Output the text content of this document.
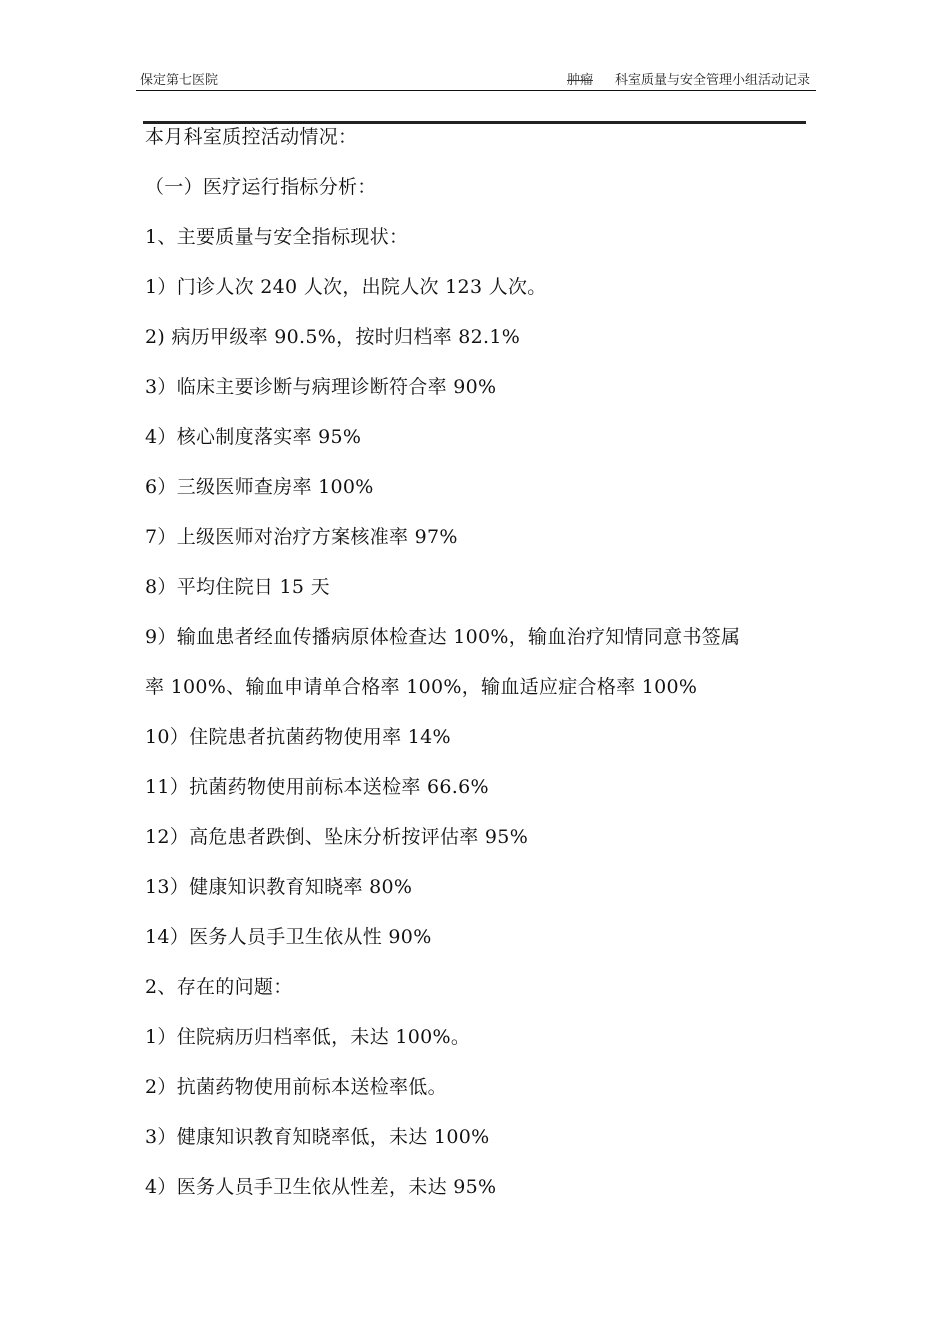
保定第七医院	肿瘤 科室质量与安全管理小组活动记录
本月科室质控活动情况：
（一）医疗运行指标分析：
1、主要质量与安全指标现状：
1）门诊人次 240 人次，出院人次 123 人次。
2) 病历甲级率 90.5%，按时归档率 82.1%
3）临床主要诊断与病理诊断符合率 90%
4）核心制度落实率 95%
6）三级医师查房率 100%
7）上级医师对治疗方案核准率 97%
8）平均住院日 15 天
9）输血患者经血传播病原体检查达 100%，输血治疗知情同意书签属
率 100%、输血申请单合格率 100%，输血适应症合格率 100%
10）住院患者抗菌药物使用率 14%
11）抗菌药物使用前标本送检率 66.6%
12）高危患者跌倒、坠床分析按评估率 95%
13）健康知识教育知晓率 80%
14）医务人员手卫生依从性 90%
2、存在的问题：
1）住院病历归档率低，未达 100%。
2）抗菌药物使用前标本送检率低。
3）健康知识教育知晓率低，未达 100%
4）医务人员手卫生依从性差，未达 95%
